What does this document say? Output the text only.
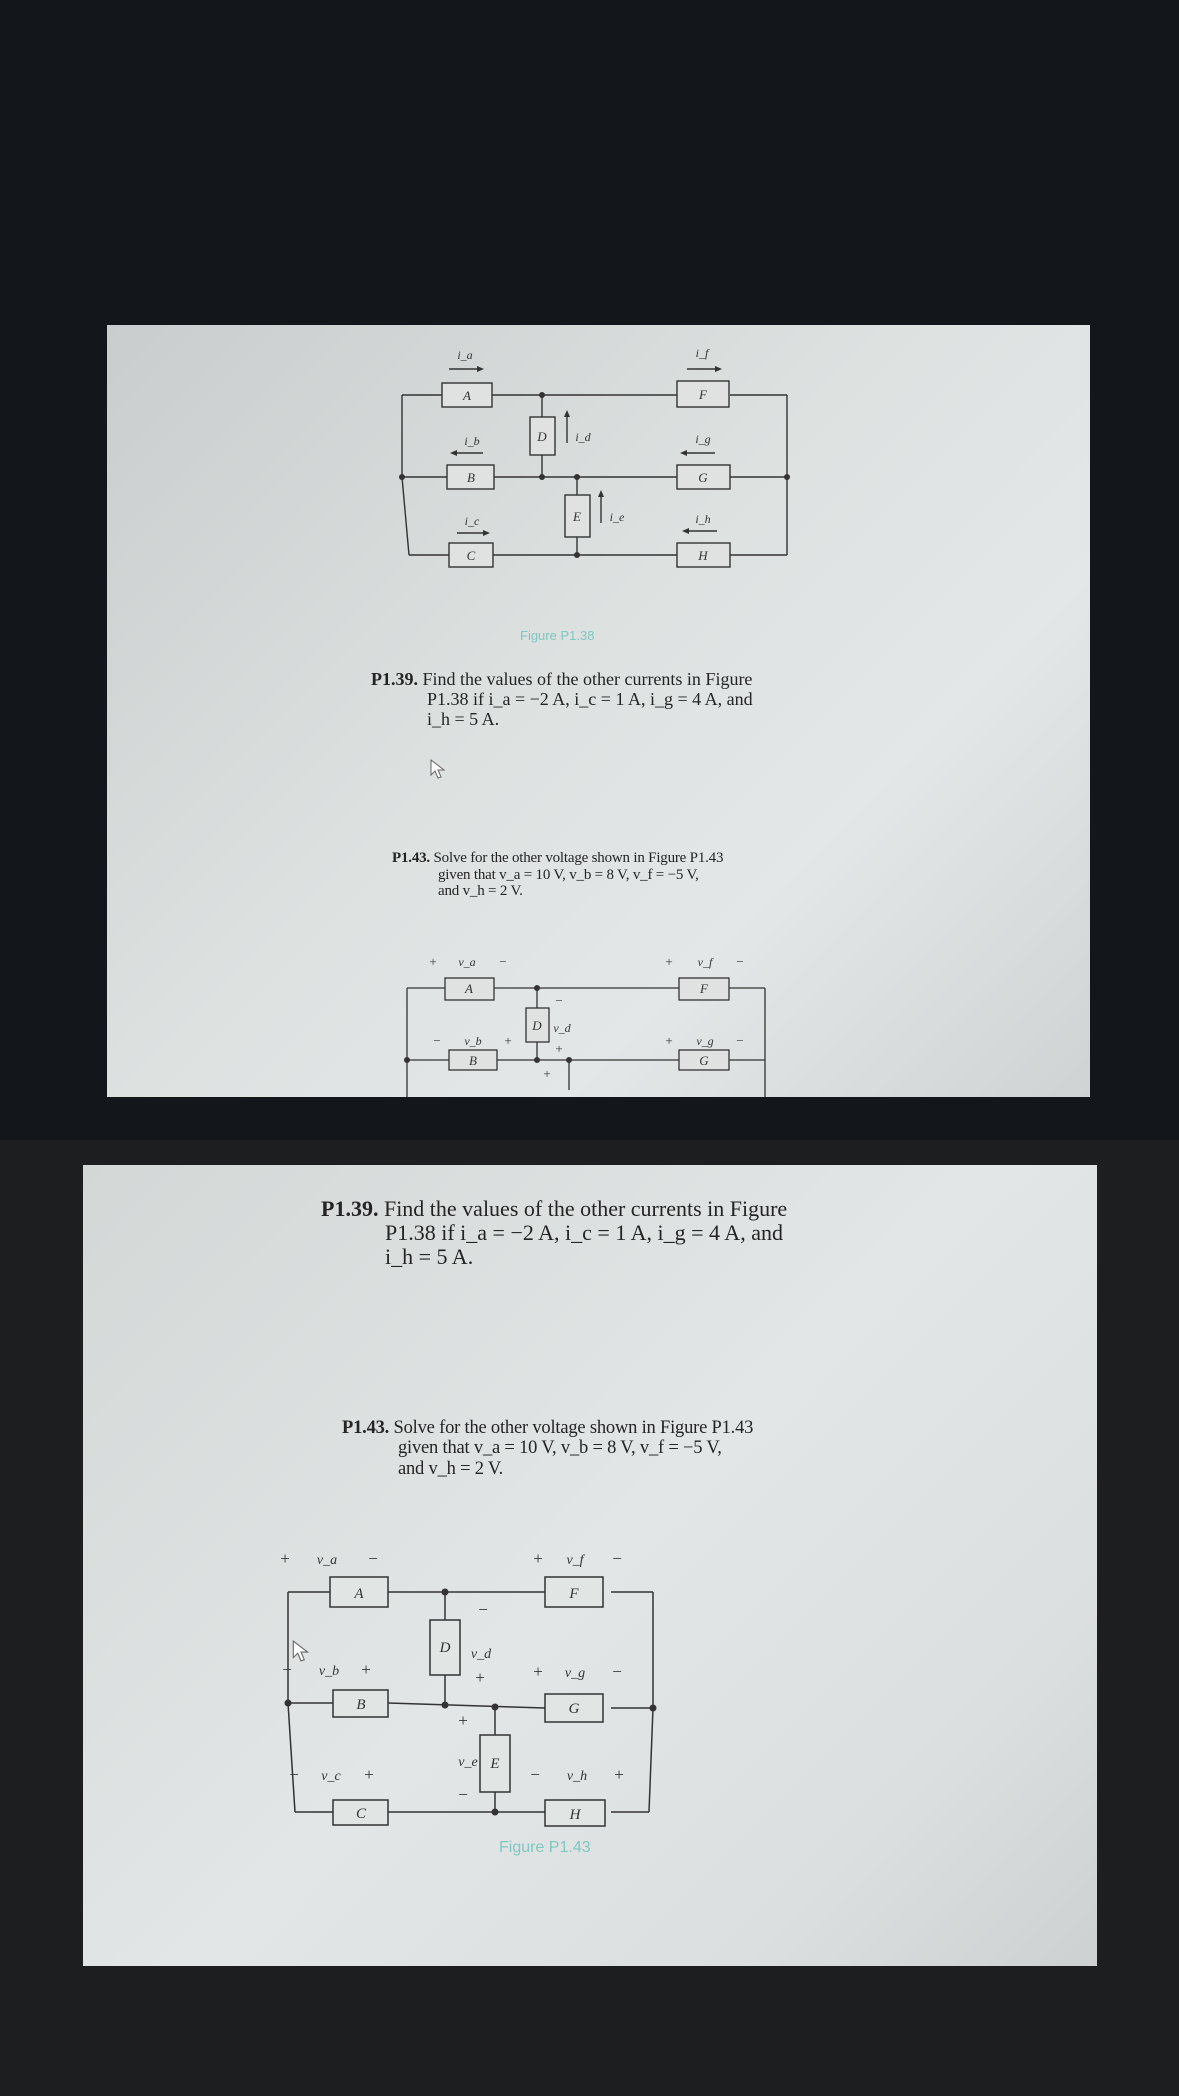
A	F
B	G
C	H
D
E
i_a	i_f
i_b	i_g
i_c	i_h
i_d
i_e
Figure P1.38
P1.39. Find the values of the other currents in Figure
P1.38 if i_a = −2 A, i_c = 1 A, i_g = 4 A, and
i_h = 5 A.
P1.43. Solve for the other voltage shown in Figure P1.43
given that v_a = 10 V, v_b = 8 V, v_f = −5 V,
and v_h = 2 V.
A	F
D
B	G
v_a	v_f
v_d
v_b	v_g
+	−	+	−
−	+	+	−
−
+
+
P1.39. Find the values of the other currents in Figure
P1.38 if i_a = −2 A, i_c = 1 A, i_g = 4 A, and
i_h = 5 A.
P1.43. Solve for the other voltage shown in Figure P1.43
given that v_a = 10 V, v_b = 8 V, v_f = −5 V,
and v_h = 2 V.
A	F
D
B	G
E
C	H
v_a	v_f
v_d
v_b	v_g
v_e
v_c	v_h
+	−	+	−
−
−	+	+	+	−
+
−
−	+	−	+
Figure P1.43
